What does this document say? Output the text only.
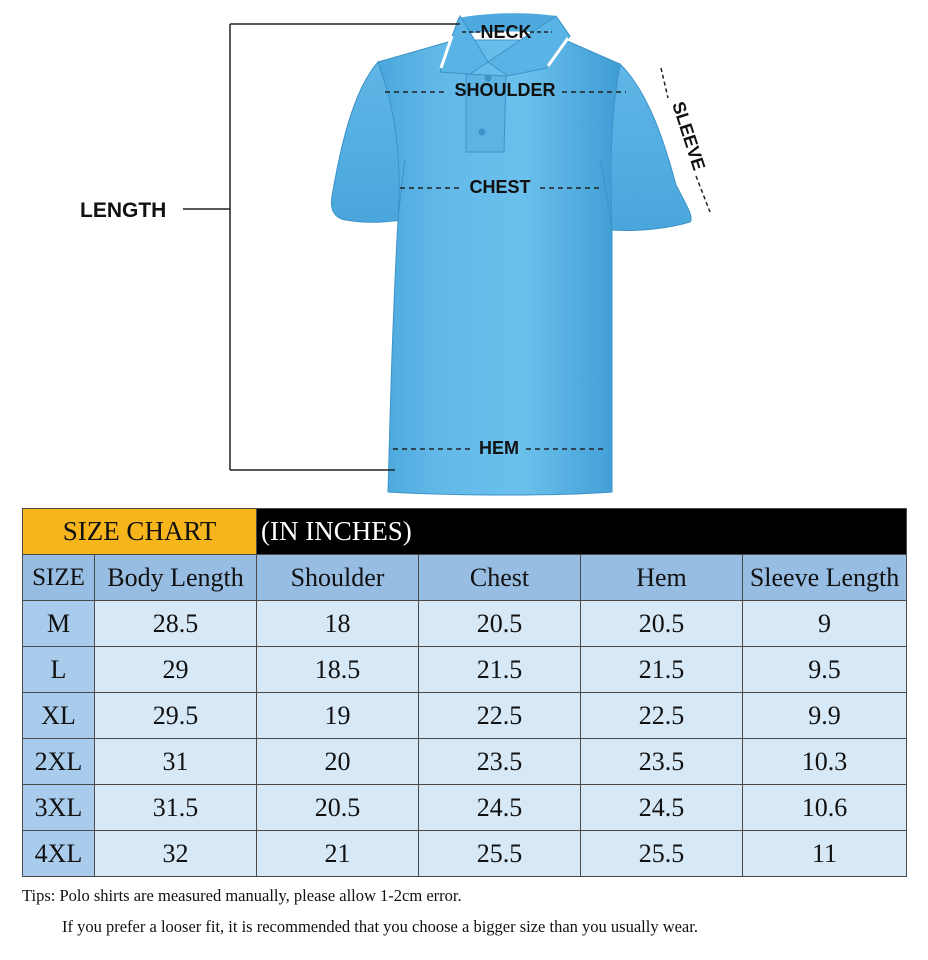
NECK
SHOULDER
CHEST
HEM
LENGTH
SLEEVE
SIZE CHART		(IN INCHES)			
SIZE	Body Length	Shoulder	Chest	Hem	Sleeve Length
M	28.5	18	20.5	20.5	9
L	29	18.5	21.5	21.5	9.5
XL	29.5	19	22.5	22.5	9.9
2XL	31	20	23.5	23.5	10.3
3XL	31.5	20.5	24.5	24.5	10.6
4XL	32	21	25.5	25.5	11
Tips: Polo shirts are measured manually, please allow 1-2cm error.
If you prefer a looser fit, it is recommended that you choose a bigger size than you usually wear.
